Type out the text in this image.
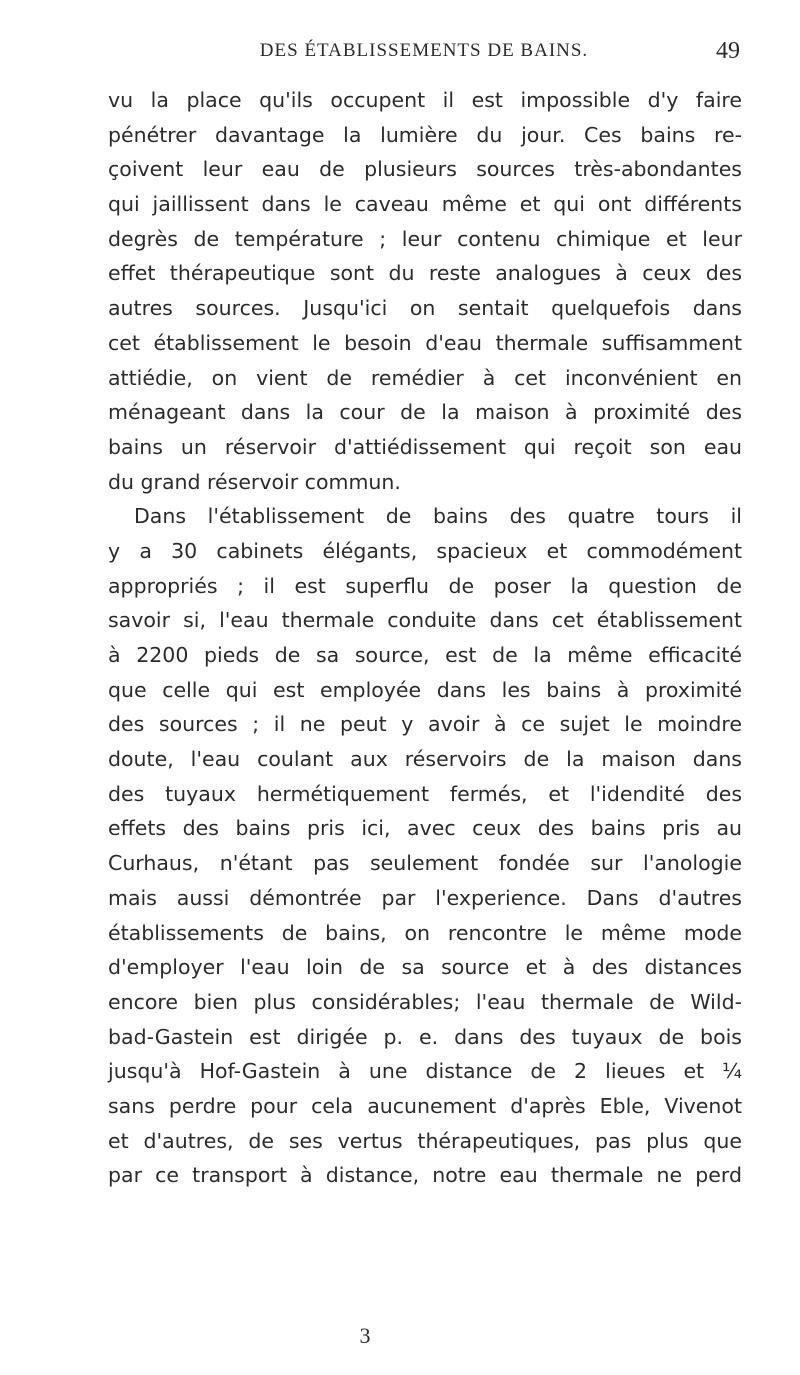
DES ÉTABLISSEMENTS DE BAINS.	49
vu la place qu'ils occupent il est impossible d'y faire
pénétrer davantage la lumière du jour. Ces bains re-
çoivent leur eau de plusieurs sources très-abondantes
qui jaillissent dans le caveau même et qui ont différents
degrès de température ; leur contenu chimique et leur
effet thérapeutique sont du reste analogues à ceux des
autres sources. Jusqu'ici on sentait quelquefois dans
cet établissement le besoin d'eau thermale suffisamment
attiédie, on vient de remédier à cet inconvénient en
ménageant dans la cour de la maison à proximité des
bains un réservoir d'attiédissement qui reçoit son eau
du grand réservoir commun.
Dans l'établissement de bains des quatre tours il
y a 30 cabinets élégants, spacieux et commodément
appropriés ; il est superflu de poser la question de
savoir si, l'eau thermale conduite dans cet établissement
à 2200 pieds de sa source, est de la même efficacité
que celle qui est employée dans les bains à proximité
des sources ; il ne peut y avoir à ce sujet le moindre
doute, l'eau coulant aux réservoirs de la maison dans
des tuyaux hermétiquement fermés, et l'idendité des
effets des bains pris ici, avec ceux des bains pris au
Curhaus, n'étant pas seulement fondée sur l'anologie
mais aussi démontrée par l'experience. Dans d'autres
établissements de bains, on rencontre le même mode
d'employer l'eau loin de sa source et à des distances
encore bien plus considérables; l'eau thermale de Wild-
bad-Gastein est dirigée p. e. dans des tuyaux de bois
jusqu'à Hof-Gastein à une distance de 2 lieues et ¼
sans perdre pour cela aucunement d'après Eble, Vivenot
et d'autres, de ses vertus thérapeutiques, pas plus que
par ce transport à distance, notre eau thermale ne perd
3
